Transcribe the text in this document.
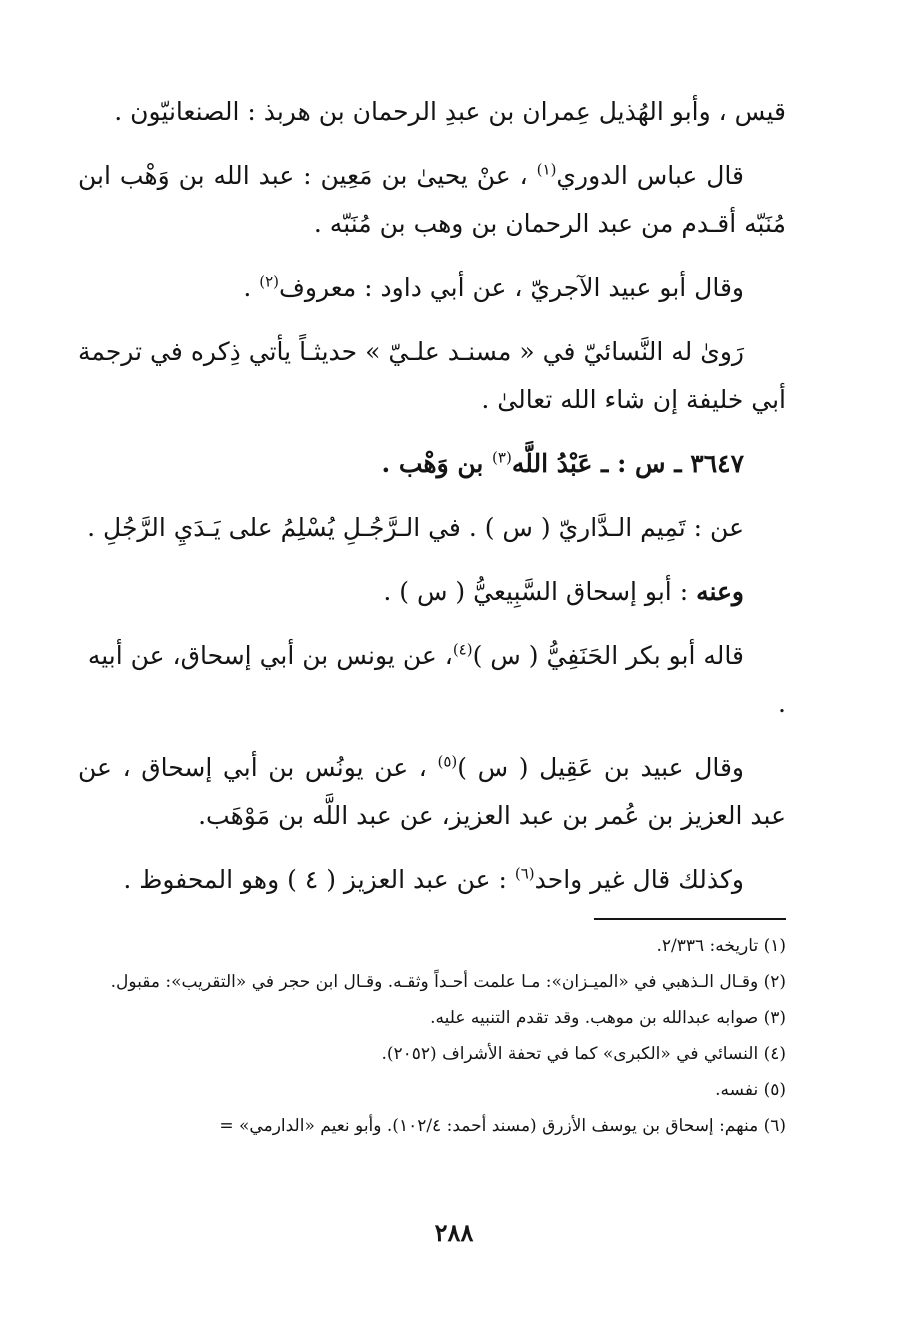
قيس ، وأبو الهُذيل عِمران بن عبدِ الرحمان بن هربذ : الصنعانيّون .

قال عباس الدوري$^{(١)}$ ، عنْ يحيىٰ بن مَعِين : عبد الله بن وَهْب ابن مُنَبّه أقـدم من عبد الرحمان بن وهب بن مُنَبّه .

وقال أبو عبيد الآجريّ ، عن أبي داود : معروف$^{(٢)}$ .

رَوىٰ له النَّسائيّ في « مسنـد علـيّ » حديثـاً يأتي ذِكره في ترجمة أبي خليفة إن شاء الله تعالىٰ .

٣٦٤٧ ـ س : ـ عَبْدُ اللَّه$^{(٣)}$ بن وَهْب .

عن : تَمِيم الـدَّاريّ ( س ) . في الـرَّجُـلِ يُسْلِمُ على يَـدَيِ الرَّجُلِ .

وعنه : أبو إسحاق السَّبِيعيُّ ( س ) .

قاله أبو بكر الحَنَفِيُّ ( س )$^{(٤)}$، عن يونس بن أبي إسحاق، عن أبيه .

وقال عبيد بن عَقِيل ( س )$^{(٥)}$ ، عن يونُس بن أبي إسحاق ، عن عبد العزيز بن عُمر بن عبد العزيز، عن عبد اللَّه بن مَوْهَب.

وكذلك قال غير واحد$^{(٦)}$ : عن عبد العزيز ( ٤ ) وهو المحفوظ .

(١) تاريخه: ٢/٣٣٦.

(٢) وقـال الـذهبي في «الميـزان»: مـا علمت أحـداً وثقـه. وقـال ابن حجر في «التقريب»: مقبول.

(٣) صوابه عبدالله بن موهب. وقد تقدم التنبيه عليه.

(٤) النسائي في «الكبرى» كما في تحفة الأشراف (٢٠٥٢).

(٥) نفسه.

(٦) منهم: إسحاق بن يوسف الأزرق (مسند أحمد: ١٠٢/٤). وأبو نعيم «الدارمي» =

٢٨٨
